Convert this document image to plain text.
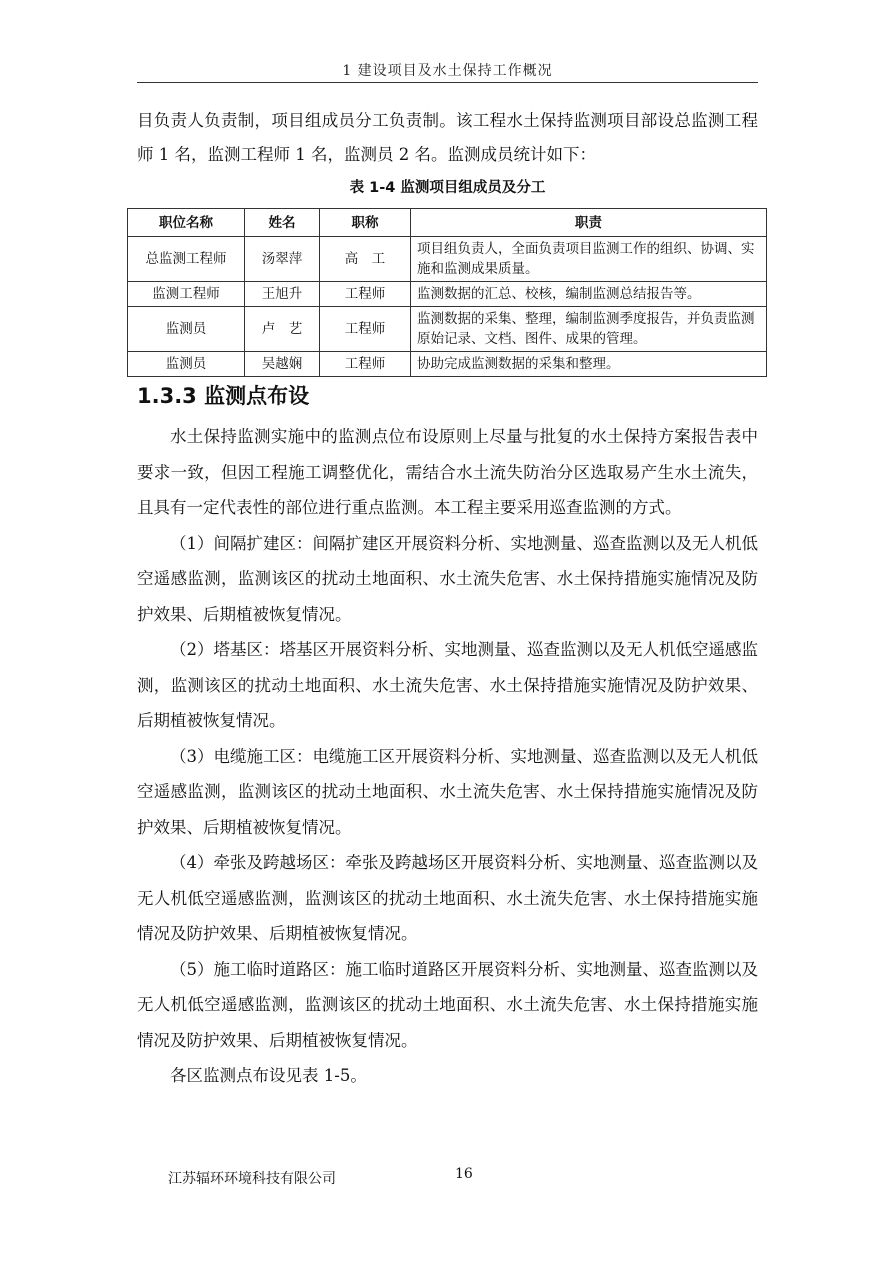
1 建设项目及水土保持工作概况
目负责人负责制，项目组成员分工负责制。该工程水土保持监测项目部设总监测工程师 1 名，监测工程师 1 名，监测员 2 名。监测成员统计如下：
表 1-4 监测项目组成员及分工
职位名称	姓名	职称	职责
总监测工程师	汤翠萍	高　工	项目组负责人，全面负责项目监测工作的组织、协调、实施和监测成果质量。
监测工程师	王旭升	工程师	监测数据的汇总、校核，编制监测总结报告等。
监测员	卢　艺	工程师	监测数据的采集、整理，编制监测季度报告，并负责监测原始记录、文档、图件、成果的管理。
监测员	吴越娴	工程师	协助完成监测数据的采集和整理。
1.3.3 监测点布设

水土保持监测实施中的监测点位布设原则上尽量与批复的水土保持方案报告表中要求一致，但因工程施工调整优化，需结合水土流失防治分区选取易产生水土流失，且具有一定代表性的部位进行重点监测。本工程主要采用巡查监测的方式。

（1）间隔扩建区：间隔扩建区开展资料分析、实地测量、巡查监测以及无人机低空遥感监测，监测该区的扰动土地面积、水土流失危害、水土保持措施实施情况及防护效果、后期植被恢复情况。

（2）塔基区：塔基区开展资料分析、实地测量、巡查监测以及无人机低空遥感监测，监测该区的扰动土地面积、水土流失危害、水土保持措施实施情况及防护效果、后期植被恢复情况。

（3）电缆施工区：电缆施工区开展资料分析、实地测量、巡查监测以及无人机低空遥感监测，监测该区的扰动土地面积、水土流失危害、水土保持措施实施情况及防护效果、后期植被恢复情况。

（4）牵张及跨越场区：牵张及跨越场区开展资料分析、实地测量、巡查监测以及无人机低空遥感监测，监测该区的扰动土地面积、水土流失危害、水土保持措施实施情况及防护效果、后期植被恢复情况。

（5）施工临时道路区：施工临时道路区开展资料分析、实地测量、巡查监测以及无人机低空遥感监测，监测该区的扰动土地面积、水土流失危害、水土保持措施实施情况及防护效果、后期植被恢复情况。

各区监测点布设见表 1-5。

江苏辐环环境科技有限公司	16
